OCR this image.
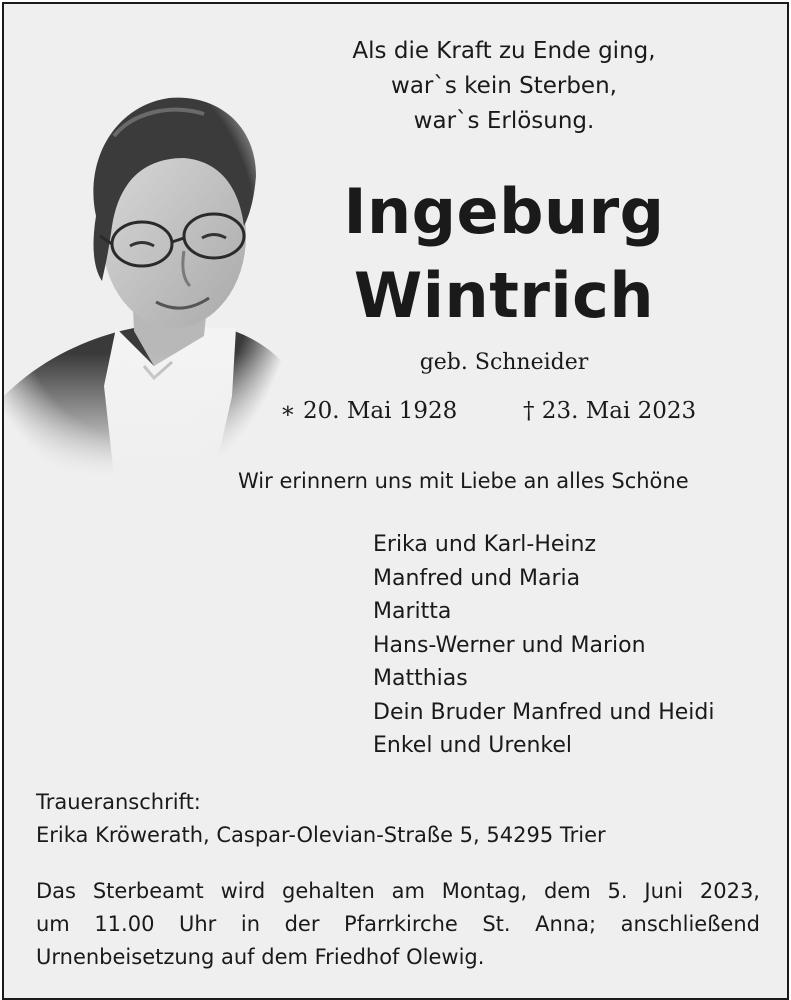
Als die Kraft zu Ende ging,
war`s kein Sterben,
war`s Erlösung.
Ingeburg
Wintrich
geb. Schneider
∗ 20. Mai 1928	† 23. Mai 2023
Wir erinnern uns mit Liebe an alles Schöne
Erika und Karl-Heinz
Manfred und Maria
Maritta
Hans-Werner und Marion
Matthias
Dein Bruder Manfred und Heidi
Enkel und Urenkel
Traueranschrift:
Erika Kröwerath, Caspar-Olevian-Straße 5, 54295 Trier
Das Sterbeamt wird gehalten am Montag, dem 5. Juni 2023,
um 11.00 Uhr in der Pfarrkirche St. Anna; anschließend
Urnenbeisetzung auf dem Friedhof Olewig.
